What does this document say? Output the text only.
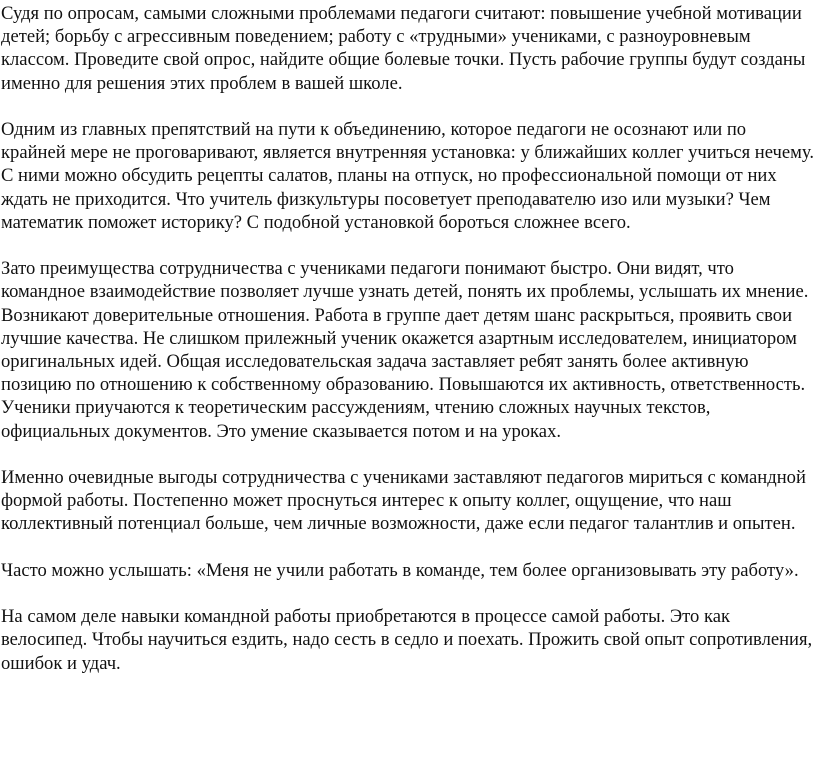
Судя по опросам, самыми сложными проблемами педагоги считают: повышение учебной мотивации детей; борьбу с агрессивным поведением; работу с «трудными» учениками, с разноуровневым классом. Проведите свой опрос, найдите общие болевые точки. Пусть рабочие группы будут созданы именно для решения этих проблем в вашей школе.

Одним из главных препятствий на пути к объединению, которое педагоги не осознают или по крайней мере не проговаривают, является внутренняя установка: у ближайших коллег учиться нечему. С ними можно обсудить рецепты салатов, планы на отпуск, но профессиональной помощи от них ждать не приходится. Что учитель физкультуры посоветует преподавателю изо или музыки? Чем математик поможет историку? С подобной установкой бороться сложнее всего.

Зато преимущества сотрудничества с учениками педагоги понимают быстро. Они видят, что командное взаимодействие позволяет лучше узнать детей, понять их проблемы, услышать их мнение. Возникают доверительные отношения. Работа в группе дает детям шанс раскрыться, проявить свои лучшие качества. Не слишком прилежный ученик окажется азартным исследователем, инициатором оригинальных идей. Общая исследовательская задача заставляет ребят занять более активную позицию по отношению к собственному образованию. Повышаются их активность, ответственность. Ученики приучаются к теоретическим рассуждениям, чтению сложных научных текстов, официальных документов. Это умение сказывается потом и на уроках.

Именно очевидные выгоды сотрудничества с учениками заставляют педагогов мириться с командной формой работы. Постепенно может проснуться интерес к опыту коллег, ощущение, что наш коллективный потенциал больше, чем личные возможности, даже если педагог талантлив и опытен.

Часто можно услышать: «Меня не учили работать в команде, тем более организовывать эту работу».

На самом деле навыки командной работы приобретаются в процессе самой работы. Это как велосипед. Чтобы научиться ездить, надо сесть в седло и поехать. Прожить свой опыт сопротивления, ошибок и удач.
